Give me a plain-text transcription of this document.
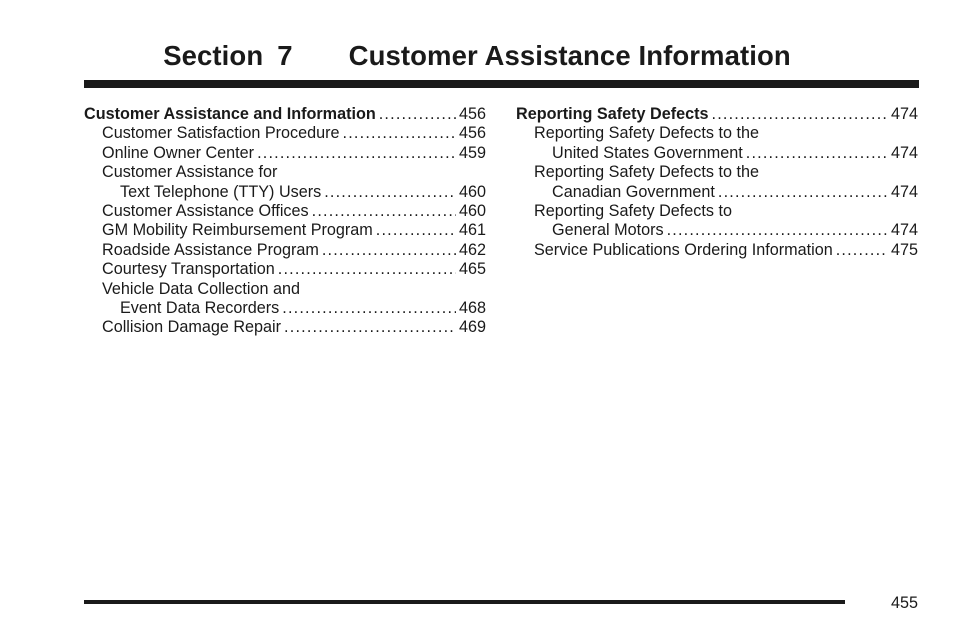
Section 7 Customer Assistance Information
Customer Assistance and Information .....	456
Customer Satisfaction Procedure .....	456
Online Owner Center .....	459
Customer Assistance for
Text Telephone (TTY) Users .....	460
Customer Assistance Offices .....	460
GM Mobility Reimbursement Program .....	461
Roadside Assistance Program .....	462
Courtesy Transportation .....	465
Vehicle Data Collection and
Event Data Recorders .....	468
Collision Damage Repair .....	469
Reporting Safety Defects .....	474
Reporting Safety Defects to the
United States Government .....	474
Reporting Safety Defects to the
Canadian Government .....	474
Reporting Safety Defects to
General Motors .....	474
Service Publications Ordering Information .....	475
455
